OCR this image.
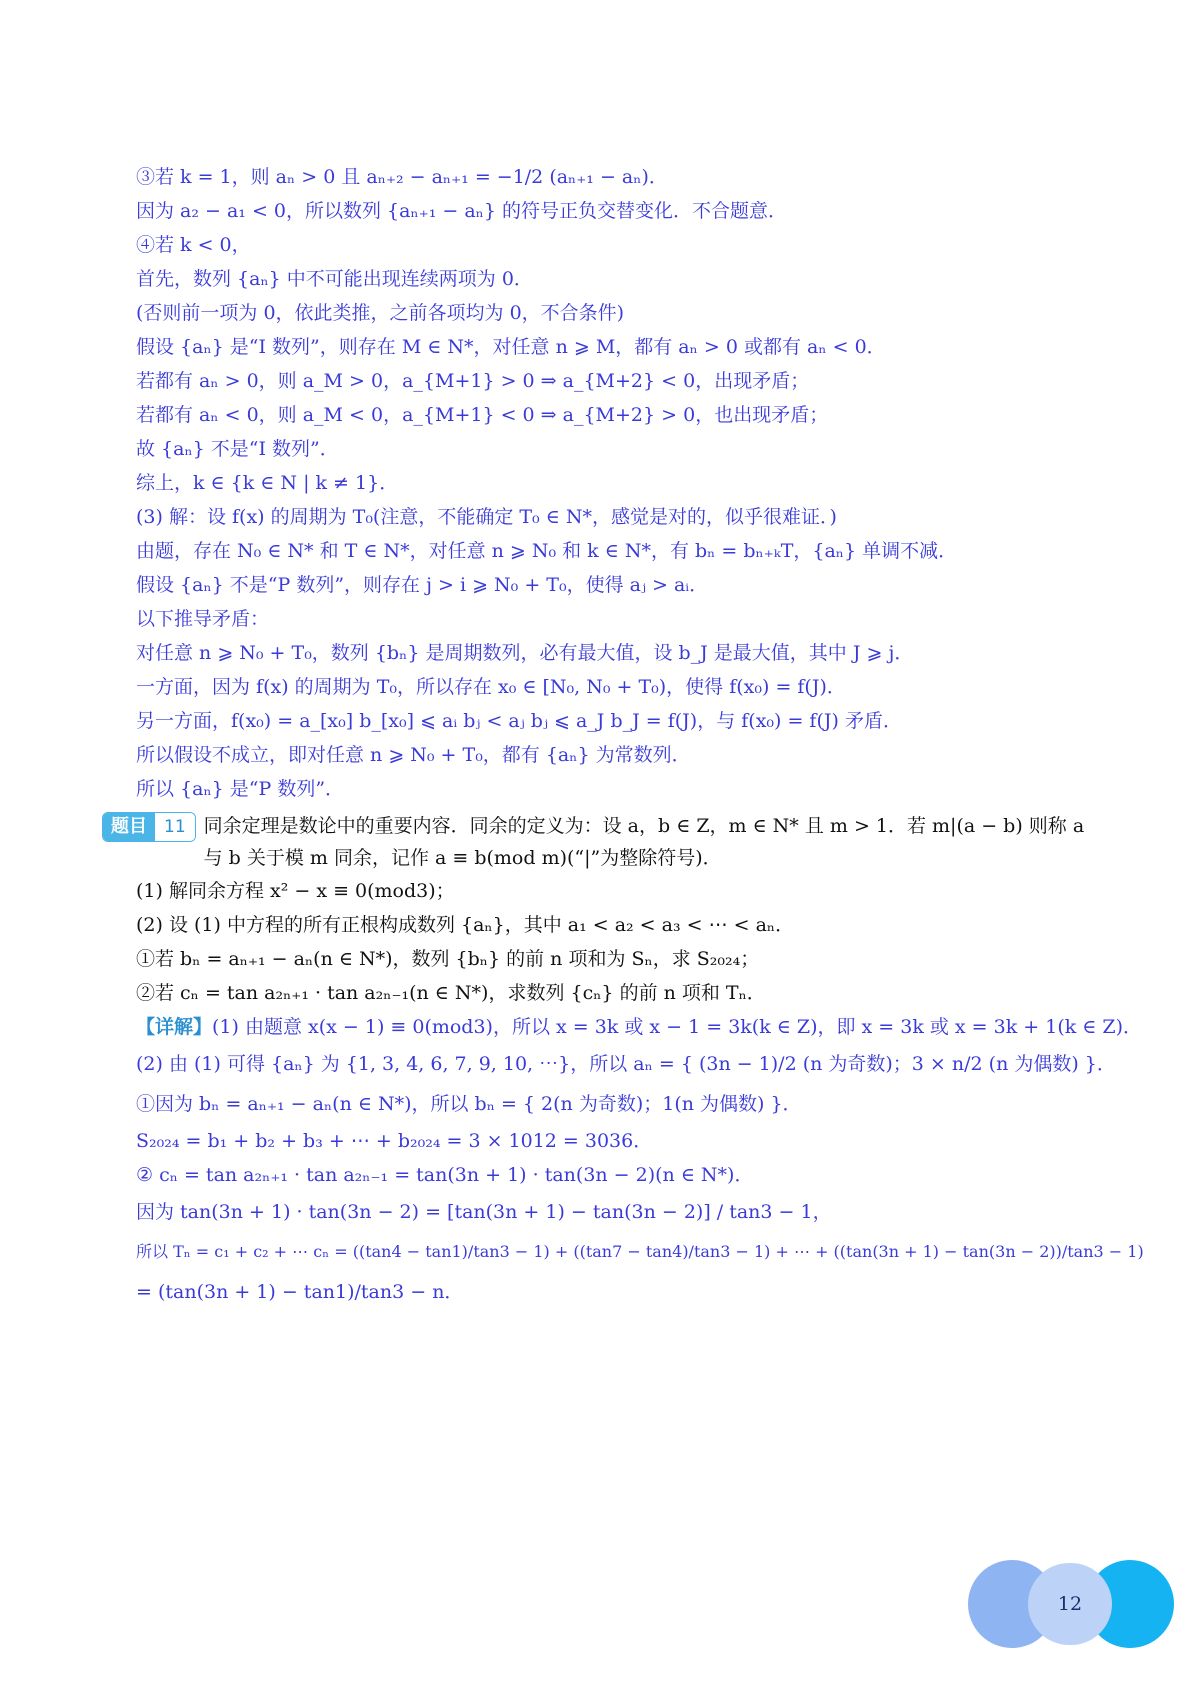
③若 k = 1，则 aₙ > 0 且 aₙ₊₂ − aₙ₊₁ = −1/2 (aₙ₊₁ − aₙ)．
因为 a₂ − a₁ < 0，所以数列 {aₙ₊₁ − aₙ} 的符号正负交替变化．不合题意．
④若 k < 0，
首先，数列 {aₙ} 中不可能出现连续两项为 0．
(否则前一项为 0，依此类推，之前各项均为 0，不合条件)
假设 {aₙ} 是“I 数列”，则存在 M ∈ N*，对任意 n ⩾ M，都有 aₙ > 0 或都有 aₙ < 0．
若都有 aₙ > 0，则 a_M > 0，a_{M+1} > 0 ⇒ a_{M+2} < 0，出现矛盾；
若都有 aₙ < 0，则 a_M < 0，a_{M+1} < 0 ⇒ a_{M+2} > 0，也出现矛盾；
故 {aₙ} 不是“I 数列”．
综上，k ∈ {k ∈ N | k ≠ 1}．
(3) 解：设 f(x) 的周期为 T₀(注意，不能确定 T₀ ∈ N*，感觉是对的，似乎很难证．)
由题，存在 N₀ ∈ N* 和 T ∈ N*，对任意 n ⩾ N₀ 和 k ∈ N*，有 bₙ = bₙ₊ₖT，{aₙ} 单调不减．
假设 {aₙ} 不是“P 数列”，则存在 j > i ⩾ N₀ + T₀，使得 aⱼ > aᵢ．
以下推导矛盾：
对任意 n ⩾ N₀ + T₀，数列 {bₙ} 是周期数列，必有最大值，设 b_J 是最大值，其中 J ⩾ j．
一方面，因为 f(x) 的周期为 T₀，所以存在 x₀ ∈ [N₀, N₀ + T₀)，使得 f(x₀) = f(J)．
另一方面，f(x₀) = a_[x₀] b_[x₀] ⩽ aᵢ bⱼ < aⱼ bⱼ ⩽ a_J b_J = f(J)，与 f(x₀) = f(J) 矛盾．
所以假设不成立，即对任意 n ⩾ N₀ + T₀，都有 {aₙ} 为常数列．
所以 {aₙ} 是“P 数列”．
题目	11 同余定理是数论中的重要内容．同余的定义为：设 a，b ∈ Z，m ∈ N* 且 m > 1．若 m|(a − b) 则称 a 与 b 关于模 m 同余，记作 a ≡ b(mod m)(“|”为整除符号)．
(1) 解同余方程 x² − x ≡ 0(mod3)；
(2) 设 (1) 中方程的所有正根构成数列 {aₙ}，其中 a₁ < a₂ < a₃ < ⋯ < aₙ．
①若 bₙ = aₙ₊₁ − aₙ(n ∈ N*)，数列 {bₙ} 的前 n 项和为 Sₙ，求 S₂₀₂₄；
②若 cₙ = tan a₂ₙ₊₁ · tan a₂ₙ₋₁(n ∈ N*)，求数列 {cₙ} 的前 n 项和 Tₙ．
【详解】(1) 由题意 x(x − 1) ≡ 0(mod3)，所以 x = 3k 或 x − 1 = 3k(k ∈ Z)，即 x = 3k 或 x = 3k + 1(k ∈ Z)．
(2) 由 (1) 可得 {aₙ} 为 {1, 3, 4, 6, 7, 9, 10, ⋯}，所以 aₙ = { (3n − 1)/2 (n 为奇数)；3 × n/2 (n 为偶数) }．
①因为 bₙ = aₙ₊₁ − aₙ(n ∈ N*)，所以 bₙ = { 2(n 为奇数)；1(n 为偶数) }．
S₂₀₂₄ = b₁ + b₂ + b₃ + ⋯ + b₂₀₂₄ = 3 × 1012 = 3036．
② cₙ = tan a₂ₙ₊₁ · tan a₂ₙ₋₁ = tan(3n + 1) · tan(3n − 2)(n ∈ N*)．
因为 tan(3n + 1) · tan(3n − 2) = [tan(3n + 1) − tan(3n − 2)] / tan3 − 1，
所以 Tₙ = c₁ + c₂ + ⋯ cₙ = ((tan4 − tan1)/tan3 − 1) + ((tan7 − tan4)/tan3 − 1) + ⋯ + ((tan(3n + 1) − tan(3n − 2))/tan3 − 1)
= (tan(3n + 1) − tan1)/tan3 − n．
12
